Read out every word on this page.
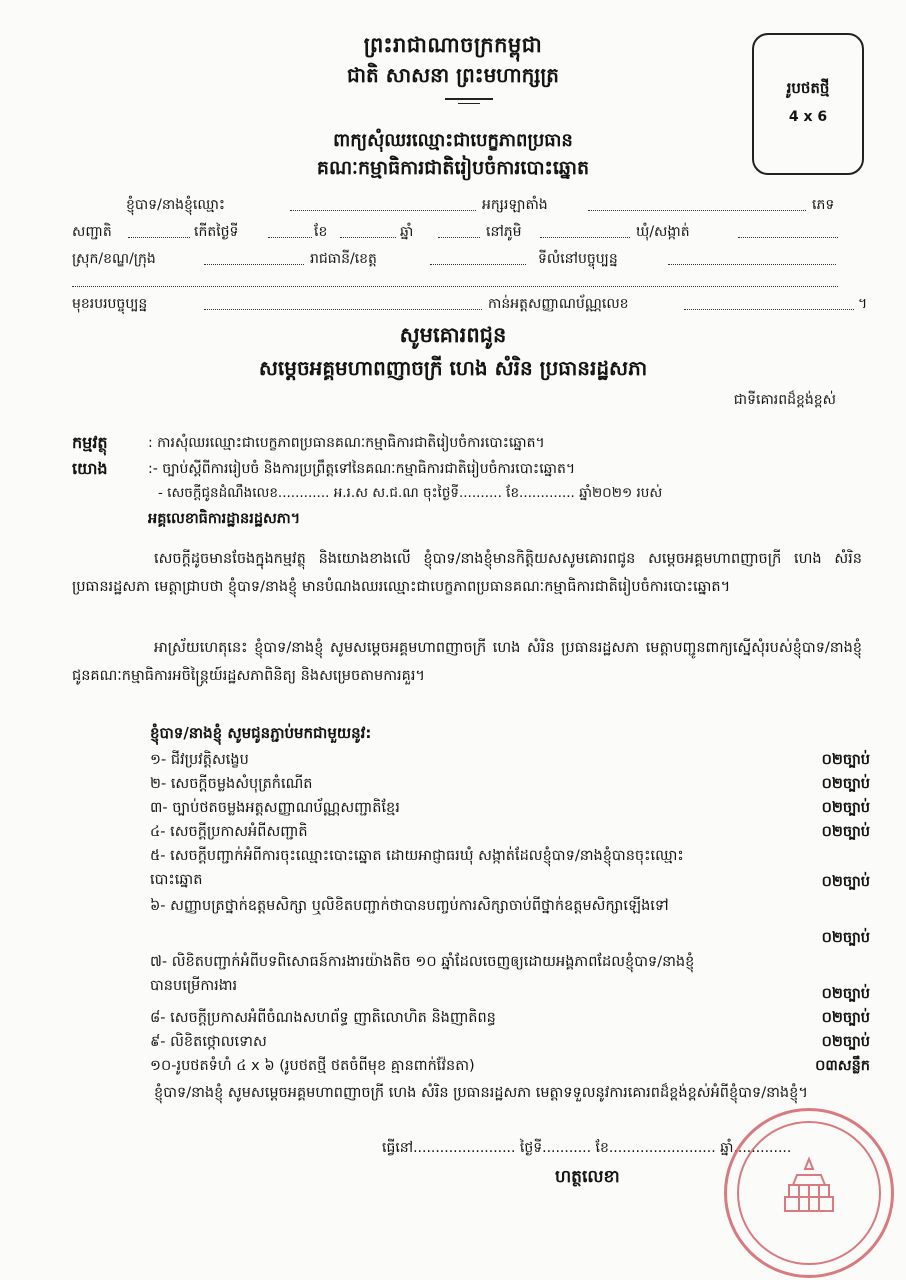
ព្រះរាជាណាចក្រកម្ពុជា
ជាតិ សាសនា ព្រះមហាក្សត្រ
រូបថតថ្មី
4 x 6
ពាក្យសុំឈរឈ្មោះជាបេក្ខភាពប្រធាន
គណៈកម្មាធិការជាតិរៀបចំការបោះឆ្នោត
ខ្ញុំបាទ/នាងខ្ញុំឈ្មោះ	អក្សរឡាតាំង	ភេទ
សញ្ជាតិ	កើតថ្ងៃទី	ខែ	ឆ្នាំ	នៅភូមិ	ឃុំ/សង្កាត់
ស្រុក/ខណ្ឌ/ក្រុង	រាជធានី/ខេត្ត	ទីលំនៅបច្ចុប្បន្ន
មុខរបរបច្ចុប្បន្ន	កាន់អត្តសញ្ញាណប័ណ្ណលេខ	។
សូមគោរពជូន
សម្តេចអគ្គមហាពញាចក្រី ហេង សំរិន ប្រធានរដ្ឋសភា
ជាទីគោរពដ៏ខ្ពង់ខ្ពស់
កម្មវត្ថុ	: ការសុំឈរឈ្មោះជាបេក្ខភាពប្រធានគណៈកម្មាធិការជាតិរៀបចំការបោះឆ្នោត។
យោង	:- ច្បាប់ស្តីពីការរៀបចំ និងការប្រព្រឹត្តទៅនៃគណៈកម្មាធិការជាតិរៀបចំការបោះឆ្នោត។
- សេចក្តីជូនដំណឹងលេខ............ អ.រ.ស ស.ជ.ណ ចុះថ្ងៃទី.......... ខែ............. ឆ្នាំ២០២១ របស់
អគ្គលេខាធិការដ្ឋានរដ្ឋសភា។
សេចក្តីដូចមានចែងក្នុងកម្មវត្ថុ និងយោងខាងលើ ខ្ញុំបាទ/នាងខ្ញុំមានកិត្តិយសសូមគោរពជូន សម្តេចអគ្គមហាពញាចក្រី ហេង សំរិន ប្រធានរដ្ឋសភា មេត្តាជ្រាបថា ខ្ញុំបាទ/នាងខ្ញុំ មានបំណងឈរឈ្មោះជាបេក្ខភាពប្រធានគណៈកម្មាធិការជាតិរៀបចំការបោះឆ្នោត។
អាស្រ័យហេតុនេះ ខ្ញុំបាទ/នាងខ្ញុំ សូមសម្តេចអគ្គមហាពញាចក្រី ហេង សំរិន ប្រធានរដ្ឋសភា មេត្តាបញ្ជូនពាក្យស្នើសុំរបស់ខ្ញុំបាទ/នាងខ្ញុំ ជូនគណៈកម្មាធិការអចិន្ត្រៃយ៍រដ្ឋសភាពិនិត្យ និងសម្រេចតាមការគួរ។
ខ្ញុំបាទ/នាងខ្ញុំ សូមជូនភ្ជាប់មកជាមួយនូវ:
១- ជីវប្រវត្តិសង្ខេប	០២ច្បាប់
២- សេចក្តីចម្លងសំបុត្រកំណើត	០២ច្បាប់
៣- ច្បាប់ថតចម្លងអត្តសញ្ញាណប័ណ្ណសញ្ជាតិខ្មែរ	០២ច្បាប់
៤- សេចក្តីប្រកាសអំពីសញ្ជាតិ	០២ច្បាប់
៥- សេចក្តីបញ្ជាក់អំពីការចុះឈ្មោះបោះឆ្នោត ដោយអាជ្ញាធរឃុំ សង្កាត់ដែលខ្ញុំបាទ/នាងខ្ញុំបានចុះឈ្មោះបោះឆ្នោត	០២ច្បាប់
៦- សញ្ញាបត្រថ្នាក់ឧត្តមសិក្សា ឬលិខិតបញ្ជាក់ថាបានបញ្ចប់ការសិក្សាចាប់ពីថ្នាក់ឧត្តមសិក្សាឡើងទៅ
០២ច្បាប់
៧- លិខិតបញ្ជាក់អំពីបទពិសោធន៍ការងារយ៉ាងតិច ១០ ឆ្នាំដែលចេញឲ្យដោយអង្គភាពដែលខ្ញុំបាទ/នាងខ្ញុំបានបម្រើការងារ	០២ច្បាប់
៨- សេចក្តីប្រកាសអំពីចំណងសហព័ទ្ធ ញាតិលោហិត និងញាតិពន្ធ	០២ច្បាប់
៩- លិខិតថ្កោលទោស	០២ច្បាប់
១០-រូបថតទំហំ ៤ x ៦ (រូបថតថ្មី ថតចំពីមុខ គ្មានពាក់វ៉ែនតា)	០៣សន្លឹក
ខ្ញុំបាទ/នាងខ្ញុំ សូមសម្តេចអគ្គមហាពញាចក្រី ហេង សំរិន ប្រធានរដ្ឋសភា មេត្តាទទួលនូវការគោរពដ៏ខ្ពង់ខ្ពស់អំពីខ្ញុំបាទ/នាងខ្ញុំ។
ធ្វើនៅ....................... ថ្ងៃទី........... ខែ........................ ឆ្នាំ.............
ហត្ថលេខា
